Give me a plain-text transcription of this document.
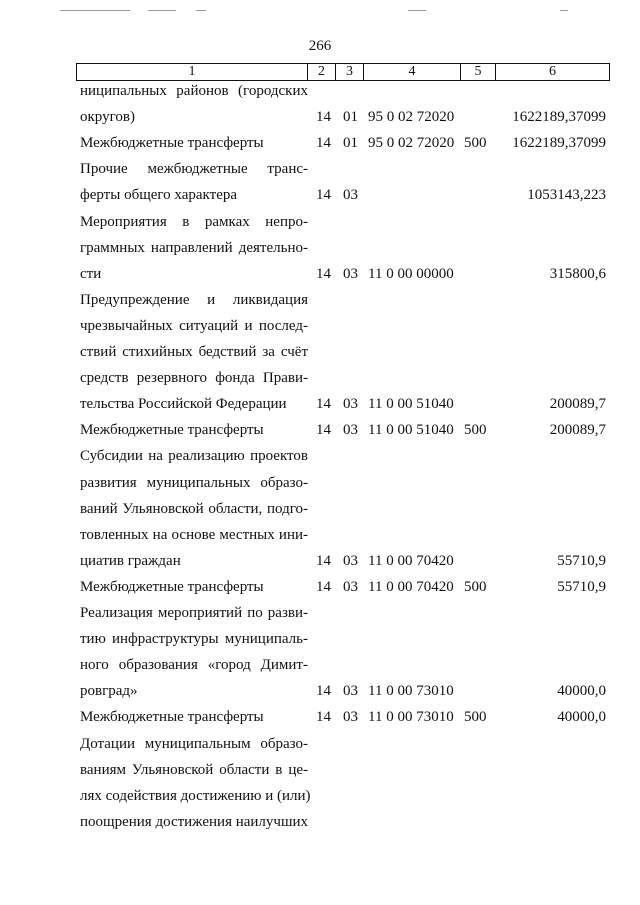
266
1	2	3	4	5	6
ниципальных районов (городских
округов)	14 01 95 0 02 72020	1622189,37099
Межбюджетные трансферты	14 01 95 0 02 72020 500 1622189,37099
Прочие межбюджетные транс-
ферты общего характера	14 03	1053143,223
Мероприятия в рамках непро-
граммных направлений деятельно-
сти	14 03 11 0 00 00000	315800,6
Предупреждение и ликвидация
чрезвычайных ситуаций и послед-
ствий стихийных бедствий за счёт
средств резервного фонда Прави-
тельства Российской Федерации	14 03 11 0 00 51040	200089,7
Межбюджетные трансферты	14 03 11 0 00 51040 500	200089,7
Субсидии на реализацию проектов
развития муниципальных образо-
ваний Ульяновской области, подго-
товленных на основе местных ини-
циатив граждан	14 03 11 0 00 70420	55710,9
Межбюджетные трансферты	14 03 11 0 00 70420 500	55710,9
Реализация мероприятий по разви-
тию инфраструктуры муниципаль-
ного образования «город Димит-
ровград»	14 03 11 0 00 73010	40000,0
Межбюджетные трансферты	14 03 11 0 00 73010 500	40000,0
Дотации муниципальным образо-
ваниям Ульяновской области в це-
лях содействия достижению и (или)
поощрения достижения наилучших
